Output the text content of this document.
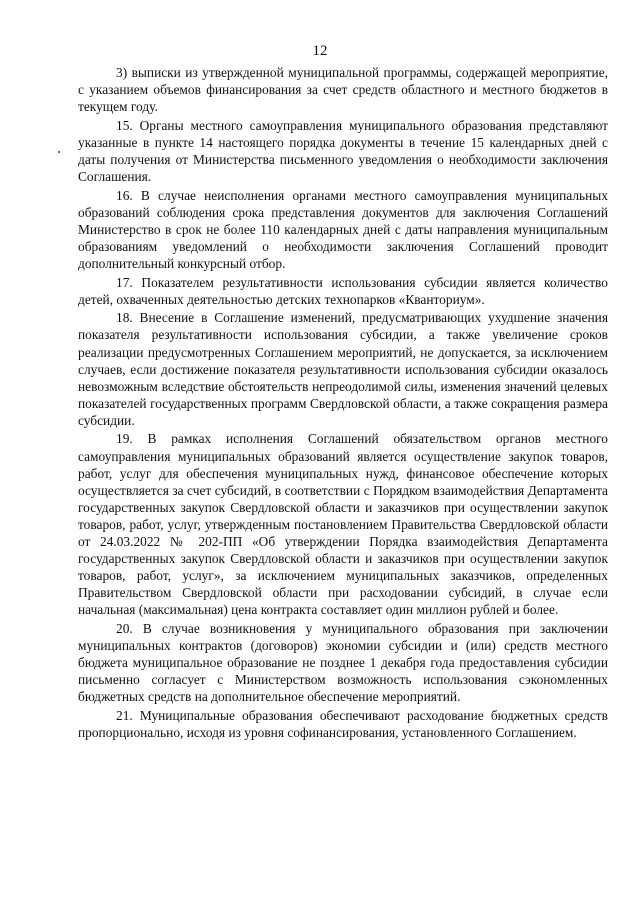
12

3) выписки из утвержденной муниципальной программы, содержащей мероприятие, с указанием объемов финансирования за счет средств областного и местного бюджетов в текущем году.

15. Органы местного самоуправления муниципального образования представляют указанные в пункте 14 настоящего порядка документы в течение 15 календарных дней с даты получения от Министерства письменного уведомления о необходимости заключения Соглашения.

16. В случае неисполнения органами местного самоуправления муниципальных образований соблюдения срока представления документов для заключения Соглашений Министерство в срок не более 110 календарных дней с даты направления муниципальным образованиям уведомлений о необходимости заключения Соглашений проводит дополнительный конкурсный отбор.

17. Показателем результативности использования субсидии является количество детей, охваченных деятельностью детских технопарков «Кванториум».

18. Внесение в Соглашение изменений, предусматривающих ухудшение значения показателя результативности использования субсидии, а также увеличение сроков реализации предусмотренных Соглашением мероприятий, не допускается, за исключением случаев, если достижение показателя результативности использования субсидии оказалось невозможным вследствие обстоятельств непреодолимой силы, изменения значений целевых показателей государственных программ Свердловской области, а также сокращения размера субсидии.

19. В рамках исполнения Соглашений обязательством органов местного самоуправления муниципальных образований является осуществление закупок товаров, работ, услуг для обеспечения муниципальных нужд, финансовое обеспечение которых осуществляется за счет субсидий, в соответствии с Порядком взаимодействия Департамента государственных закупок Свердловской области и заказчиков при осуществлении закупок товаров, работ, услуг, утвержденным постановлением Правительства Свердловской области от 24.03.2022 № 202-ПП «Об утверждении Порядка взаимодействия Департамента государственных закупок Свердловской области и заказчиков при осуществлении закупок товаров, работ, услуг», за исключением муниципальных заказчиков, определенных Правительством Свердловской области при расходовании субсидий, в случае если начальная (максимальная) цена контракта составляет один миллион рублей и более.

20. В случае возникновения у муниципального образования при заключении муниципальных контрактов (договоров) экономии субсидии и (или) средств местного бюджета муниципальное образование не позднее 1 декабря года предоставления субсидии письменно согласует с Министерством возможность использования сэкономленных бюджетных средств на дополнительное обеспечение мероприятий.

21. Муниципальные образования обеспечивают расходование бюджетных средств пропорционально, исходя из уровня софинансирования, установленного Соглашением.
